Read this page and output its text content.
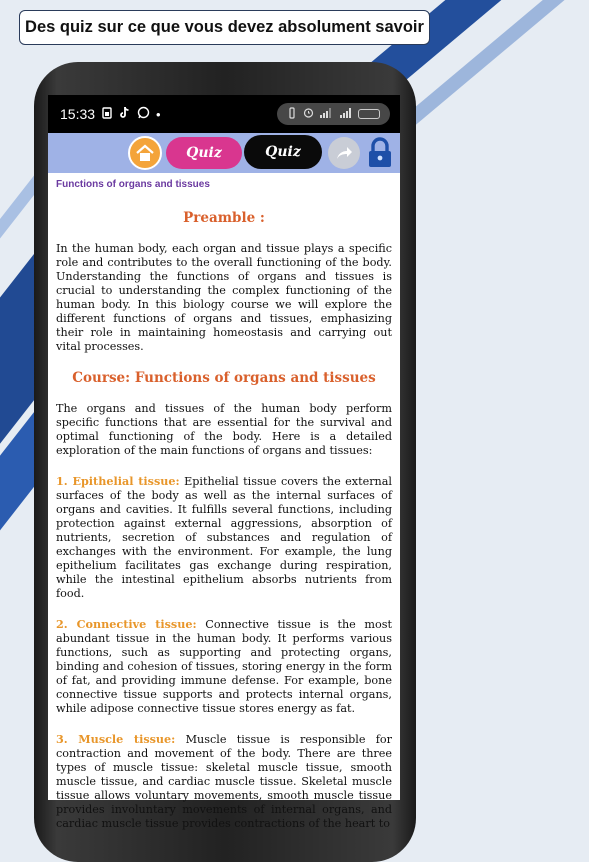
Des quiz sur ce que vous devez absolument savoir
15:33	•
Quiz	Quiz
Functions of organs and tissues
Preamble :

In the human body, each organ and tissue plays a specific role and contributes to the overall functioning of the body. Understanding the functions of organs and tissues is crucial to understanding the complex functioning of the human body. In this biology course we will explore the different functions of organs and tissues, emphasizing their role in maintaining homeostasis and carrying out vital processes.

Course: Functions of organs and tissues

The organs and tissues of the human body perform specific functions that are essential for the survival and optimal functioning of the body. Here is a detailed exploration of the main functions of organs and tissues:

1. Epithelial tissue: Epithelial tissue covers the external surfaces of the body as well as the internal surfaces of organs and cavities. It fulfills several functions, including protection against external aggressions, absorption of nutrients, secretion of substances and regulation of exchanges with the environment. For example, the lung epithelium facilitates gas exchange during respiration, while the intestinal epithelium absorbs nutrients from food.

2. Connective tissue: Connective tissue is the most abundant tissue in the human body. It performs various functions, such as supporting and protecting organs, binding and cohesion of tissues, storing energy in the form of fat, and providing immune defense. For example, bone connective tissue supports and protects internal organs, while adipose connective tissue stores energy as fat.

3. Muscle tissue: Muscle tissue is responsible for contraction and movement of the body. There are three types of muscle tissue: skeletal muscle tissue, smooth muscle tissue, and cardiac muscle tissue. Skeletal muscle tissue allows voluntary movements, smooth muscle tissue provides involuntary movements of internal organs, and cardiac muscle tissue provides contractions of the heart to
